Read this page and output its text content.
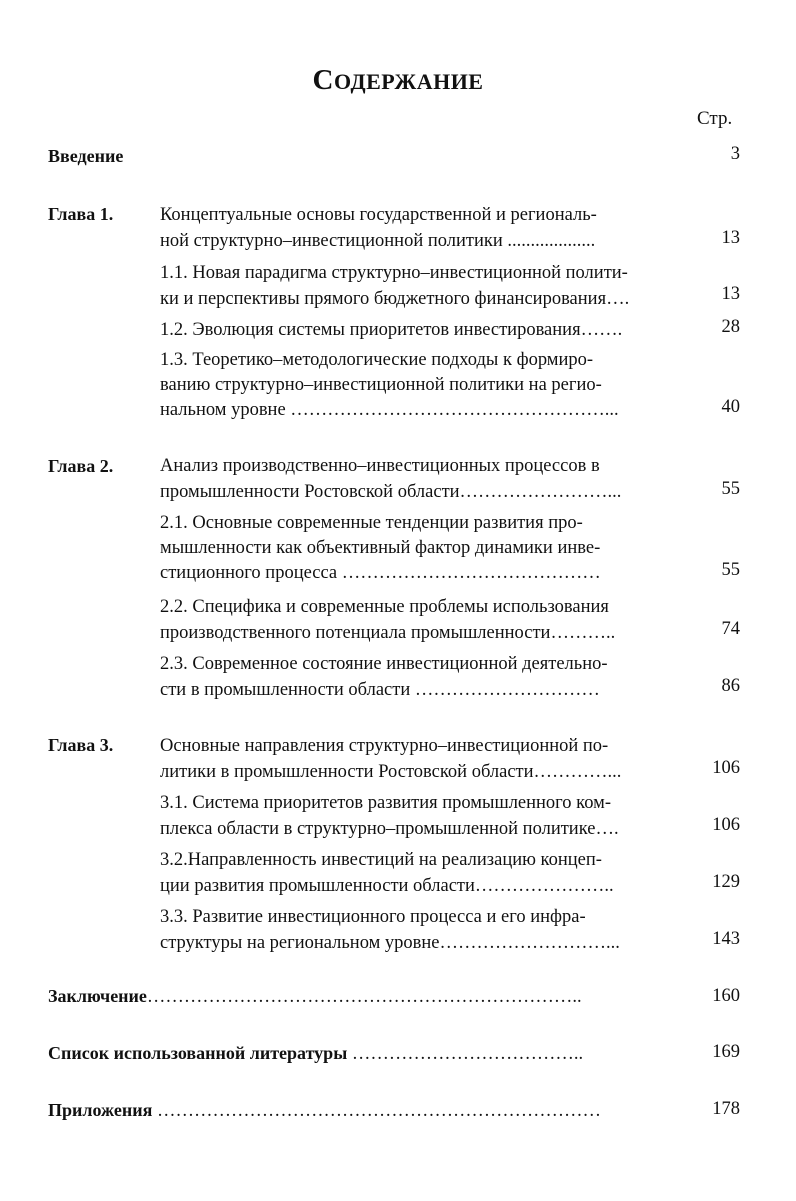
СОДЕРЖАНИЕ
Стр.
Введение	3
Глава 1.	Концептуальные основы государственной и региональ-
ной структурно–инвестиционной политики ...................	13
1.1. Новая парадигма структурно–инвестиционной полити-
ки и перспективы прямого бюджетного финансирования….	13
1.2. Эволюция системы приоритетов инвестирования…….	28
1.3. Теоретико–методологические подходы к формиро-
ванию структурно–инвестиционной политики на регио-
нальном уровне ……………………………………………...	40
Глава 2.	Анализ производственно–инвестиционных процессов в
промышленности Ростовской области……………………...	55
2.1. Основные современные тенденции развития про-
мышленности как объективный фактор динамики инве-
стиционного процесса ……………………………………	55
2.2. Специфика и современные проблемы использования
производственного потенциала промышленности………..	74
2.3. Современное состояние инвестиционной деятельно-
сти в промышленности области …………………………	86
Глава 3.	Основные направления структурно–инвестиционной по-
литики в промышленности Ростовской области…………...	106
3.1. Система приоритетов развития промышленного ком-
плекса области в структурно–промышленной политике….	106
3.2.Направленность инвестиций на реализацию концеп-
ции развития промышленности области…………………..	129
3.3. Развитие инвестиционного процесса и его инфра-
структуры на региональном уровне………………………...	143
Заключение……………………………………………………………..	160
Список использованной литературы ………………………………..	169
Приложения ………………………………………………………………	178
